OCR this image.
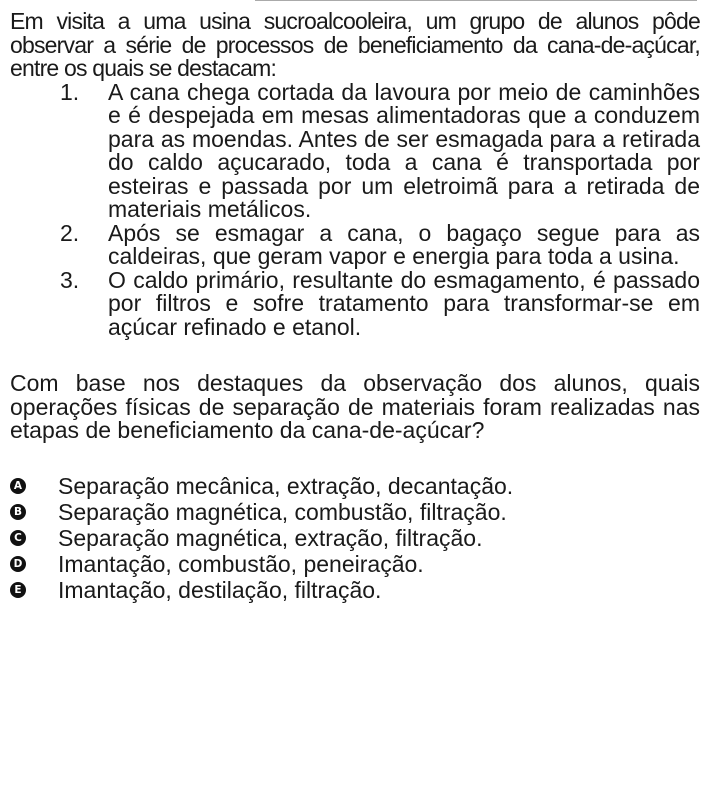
Em visita a uma usina sucroalcooleira, um grupo de alunos pôde observar a série de processos de beneficiamento da cana-de-açúcar, entre os quais se destacam:

1.	A cana chega cortada da lavoura por meio de caminhões e é despejada em mesas alimentadoras que a conduzem para as moendas. Antes de ser esmagada para a retirada do caldo açucarado, toda a cana é transportada por esteiras e passada por um eletroimã para a retirada de materiais metálicos.
2.	Após se esmagar a cana, o bagaço segue para as caldeiras, que geram vapor e energia para toda a usina.
3.	O caldo primário, resultante do esmagamento, é passado por filtros e sofre tratamento para transformar-se em açúcar refinado e etanol.

Com base nos destaques da observação dos alunos, quais operações físicas de separação de materiais foram realizadas nas etapas de beneficiamento da cana-de-açúcar?

A Separação mecânica, extração, decantação.
B Separação magnética, combustão, filtração.
C Separação magnética, extração, filtração.
D Imantação, combustão, peneiração.
E Imantação, destilação, filtração.
